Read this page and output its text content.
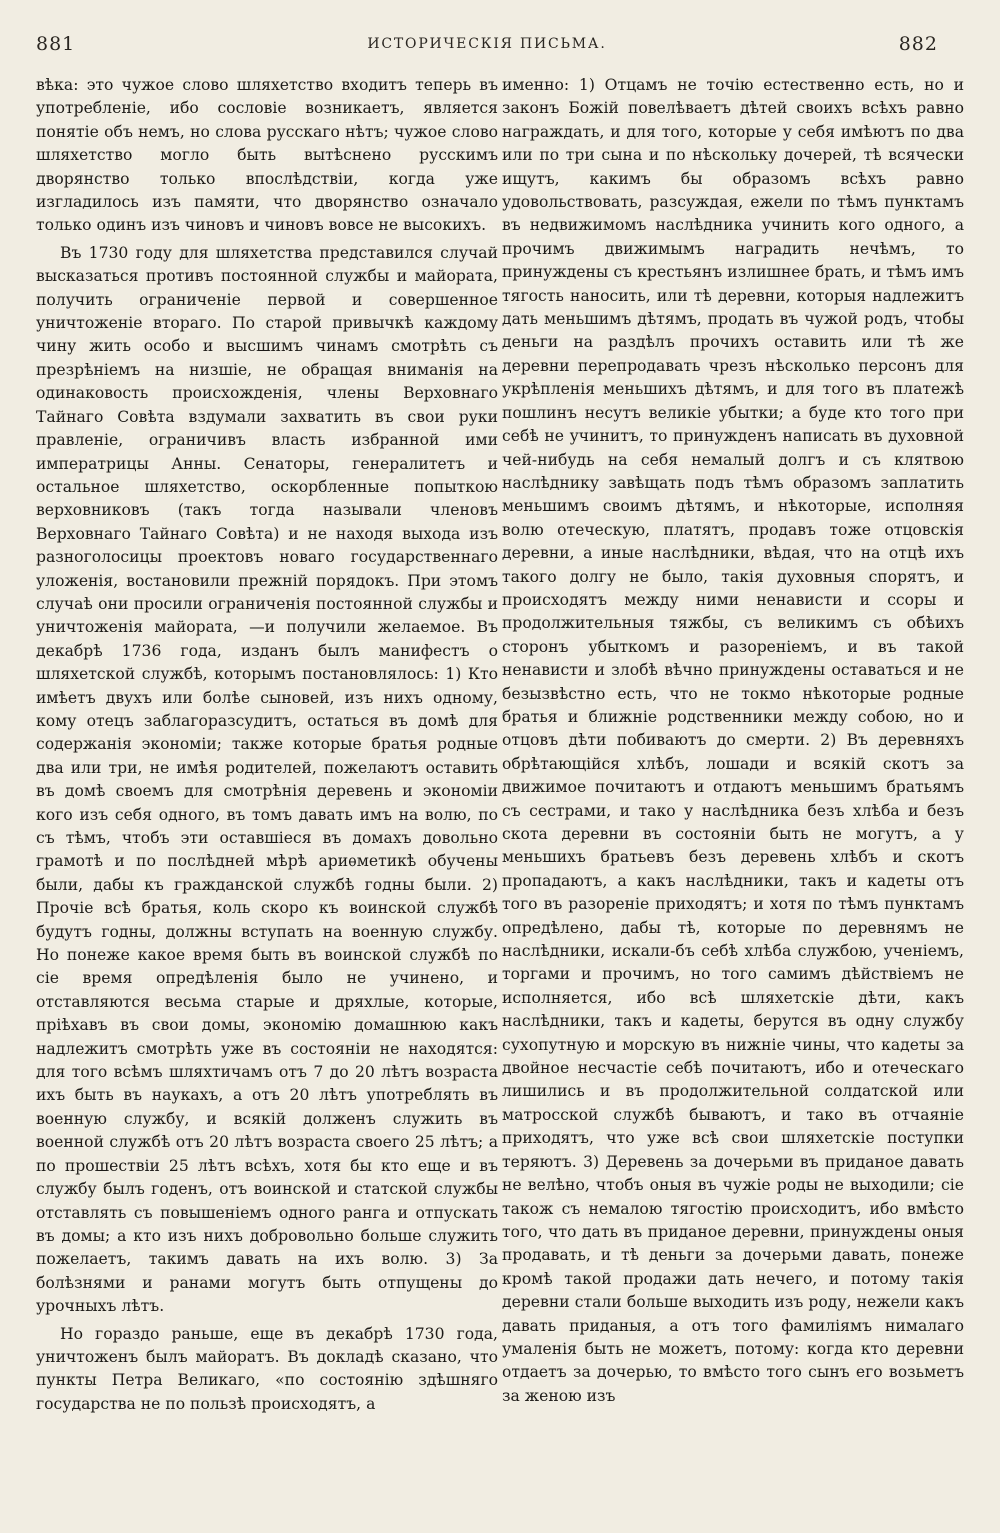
881	ИСТОРИЧЕСКІЯ ПИСЬМА.	882

вѣка: это чужое слово шляхетство входитъ теперь въ употребленіе, ибо сословіе возникаетъ, является понятіе объ немъ, но слова русскаго нѣтъ; чужое слово шляхетство могло быть вытѣснено русскимъ дворянство только впослѣдствіи, когда уже изгладилось изъ памяти, что дворянство означало только одинъ изъ чиновъ и чиновъ вовсе не высокихъ.

Въ 1730 году для шляхетства представился случай высказаться противъ постоянной службы и майората, получить ограниченіе первой и совершенное уничтоженіе втораго. По старой привычкѣ каждому чину жить особо и высшимъ чинамъ смотрѣть съ презрѣніемъ на низшіе, не обращая вниманія на одинаковость происхожденія, члены Верховнаго Тайнаго Совѣта вздумали захватить въ свои руки правленіе, ограничивъ власть избранной ими императрицы Анны. Сенаторы, генералитетъ и остальное шляхетство, оскорбленные попыткою верховниковъ (такъ тогда называли членовъ Верховнаго Тайнаго Совѣта) и не находя выхода изъ разноголосицы проектовъ новаго государственнаго уложенія, востановили прежній порядокъ. При этомъ случаѣ они просили ограниченія постоянной службы и уничтоженія майората, —и получили желаемое. Въ декабрѣ 1736 года, изданъ былъ манифестъ о шляхетской службѣ, которымъ постановлялось: 1) Кто имѣетъ двухъ или болѣе сыновей, изъ нихъ одному, кому отецъ заблагоразсудитъ, остаться въ домѣ для содержанія экономіи; также которые братья родные два или три, не имѣя родителей, пожелаютъ оставить въ домѣ своемъ для смотрѣнія деревень и экономіи кого изъ себя одного, въ томъ давать имъ на волю, по съ тѣмъ, чтобъ эти оставшіеся въ домахъ довольно грамотѣ и по послѣдней мѣрѣ ариѳметикѣ обучены были, дабы къ гражданской службѣ годны были. 2) Прочіе всѣ братья, коль скоро къ воинской службѣ будутъ годны, должны вступать на военную службу. Но понеже какое время быть въ воинской службѣ по сіе время опредѣленія было не учинено, и отставляются весьма старые и дряхлые, которые, пріѣхавъ въ свои домы, экономію домашнюю какъ надлежитъ смотрѣть уже въ состояніи не находятся: для того всѣмъ шляхтичамъ отъ 7 до 20 лѣтъ возраста ихъ быть въ наукахъ, а отъ 20 лѣтъ употреблять въ военную службу, и всякій долженъ служить въ военной службѣ отъ 20 лѣтъ возраста своего 25 лѣтъ; а по прошествіи 25 лѣтъ всѣхъ, хотя бы кто еще и въ службу былъ годенъ, отъ воинской и статской службы отставлять съ повышеніемъ одного ранга и отпускать въ домы; а кто изъ нихъ добровольно больше служить пожелаетъ, такимъ давать на ихъ волю. 3) За болѣзнями и ранами могутъ быть отпущены до урочныхъ лѣтъ.

Но гораздо раньше, еще въ декабрѣ 1730 года, уничтоженъ былъ майоратъ. Въ докладѣ сказано, что пункты Петра Великаго, «по состоянію здѣшняго государства не по пользѣ происходятъ, а

именно: 1) Отцамъ не точію естественно есть, но и законъ Божій повелѣваетъ дѣтей своихъ всѣхъ равно награждать, и для того, которые у себя имѣютъ по два или по три сына и по нѣскольку дочерей, тѣ всячески ищутъ, какимъ бы образомъ всѣхъ равно удовольствовать, разсуждая, ежели по тѣмъ пунктамъ въ недвижимомъ наслѣдника учинить кого одного, а прочимъ движимымъ наградить нечѣмъ, то принуждены съ крестьянъ излишнее брать, и тѣмъ имъ тягость наносить, или тѣ деревни, которыя надлежитъ дать меньшимъ дѣтямъ, продать въ чужой родъ, чтобы деньги на раздѣлъ прочихъ оставить или тѣ же деревни перепродавать чрезъ нѣсколько персонъ для укрѣпленія меньшихъ дѣтямъ, и для того въ платежѣ пошлинъ несутъ великіе убытки; а буде кто того при себѣ не учинитъ, то принужденъ написать въ духовной чей-нибудь на себя немалый долгъ и съ клятвою наслѣднику завѣщать подъ тѣмъ образомъ заплатить меньшимъ своимъ дѣтямъ, и нѣкоторые, исполняя волю отеческую, платятъ, продавъ тоже отцовскія деревни, а иные наслѣдники, вѣдая, что на отцѣ ихъ такого долгу не было, такія духовныя спорятъ, и происходятъ между ними ненависти и ссоры и продолжительныя тяжбы, съ великимъ съ обѣихъ сторонъ убыткомъ и разореніемъ, и въ такой ненависти и злобѣ вѣчно принуждены оставаться и не безызвѣстно есть, что не токмо нѣкоторые родные братья и ближніе родственники между собою, но и отцовъ дѣти побиваютъ до смерти. 2) Въ деревняхъ обрѣтающійся хлѣбъ, лошади и всякій скотъ за движимое почитаютъ и отдаютъ меньшимъ братьямъ съ сестрами, и тако у наслѣдника безъ хлѣба и безъ скота деревни въ состояніи быть не могутъ, а у меньшихъ братьевъ безъ деревень хлѣбъ и скотъ пропадаютъ, а какъ наслѣдники, такъ и кадеты отъ того въ разореніе приходятъ; и хотя по тѣмъ пунктамъ опредѣлено, дабы тѣ, которые по деревнямъ не наслѣдники, искали-бъ себѣ хлѣба службою, ученіемъ, торгами и прочимъ, но того самимъ дѣйствіемъ не исполняется, ибо всѣ шляхетскіе дѣти, какъ наслѣдники, такъ и кадеты, берутся въ одну службу сухопутную и морскую въ нижніе чины, что кадеты за двойное несчастіе себѣ почитаютъ, ибо и отеческаго лишились и въ продолжительной солдатской или матросской службѣ бываютъ, и тако въ отчаяніе приходятъ, что уже всѣ свои шляхетскіе поступки теряютъ. 3) Деревень за дочерьми въ приданое давать не велѣно, чтобъ оныя въ чужіе роды не выходили; сіе також съ немалою тягостію происходитъ, ибо вмѣсто того, что дать въ приданое деревни, принуждены оныя продавать, и тѣ деньги за дочерьми давать, понеже кромѣ такой продажи дать нечего, и потому такія деревни стали больше выходить изъ роду, нежели какъ давать приданыя, а отъ того фамиліямъ нималаго умаленія быть не можетъ, потому: когда кто деревни отдаетъ за дочерью, то вмѣсто того сынъ его возьметъ за женою изъ
